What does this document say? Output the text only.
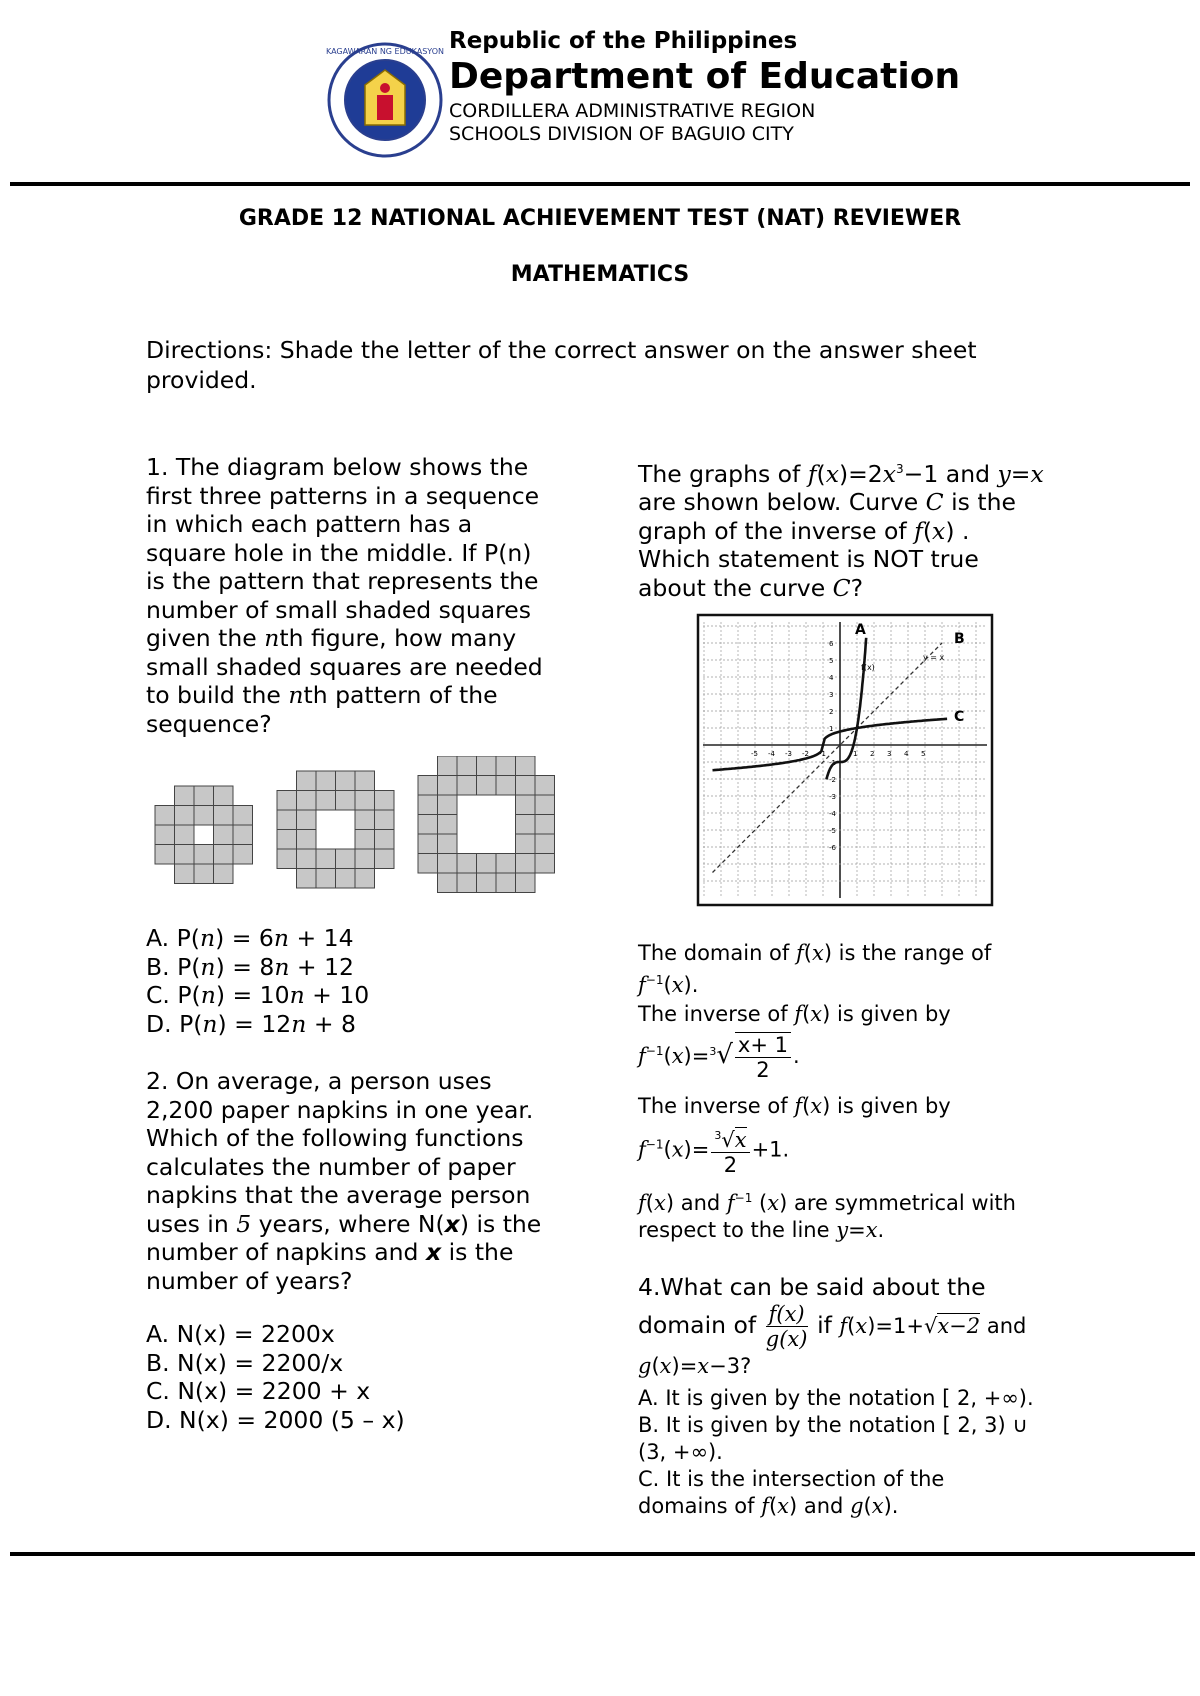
KAGAWARAN NG EDUKASYON Republic of the Philippines
Department of Education
CORDILLERA ADMINISTRATIVE REGION
SCHOOLS DIVISION OF BAGUIO CITY
GRADE 12 NATIONAL ACHIEVEMENT TEST (NAT) REVIEWER
MATHEMATICS
Directions: Shade the letter of the correct answer on the answer sheet provided.
1. The diagram below shows the
first three patterns in a sequence
in which each pattern has a
square hole in the middle. If P(n)
is the pattern that represents the
number of small shaded squares
given the nth figure, how many
small shaded squares are needed
to build the nth pattern of the
sequence?
A. P(n) = 6n + 14
B. P(n) = 8n + 12
C. P(n) = 10n + 10
D. P(n) = 12n + 8
2. On average, a person uses
2,200 paper napkins in one year.
Which of the following functions
calculates the number of paper
napkins that the average person
uses in 5 years, where N(x) is the
number of napkins and x is the
number of years?
A. N(x) = 2200x
B. N(x) = 2200/x
C. N(x) = 2200 + x
D. N(x) = 2000 (5 – x)
The graphs of $f(x)=2x^3-1$ and y=x
are shown below. Curve C is the
graph of the inverse of f(x) .
Which statement is NOT true
about the curve C?
-5 -4 -3 -2 -1	1 2 3 4 5
6
5
4
3
2
1
-1
-2
-3
-4
-5
-6
A
B
C
f(x)
y = x
The domain of f(x) is the range of
$f^{-1}(x)$.
The inverse of f(x) is given by
$f^{-1}(x)=^3√ \frac{x+ 1}{2}$ .
The inverse of f(x) is given by
$f^{-1}(x)= \frac{^3√x}{2} +1$.
f(x) and $f^{-1}$ (x) are symmetrical with
respect to the line y=x.
4.What can be said about the
domain of $\frac{f(x)}{g(x)}$ if f(x)=1+√x−2 and
g(x)=x−3?
A. It is given by the notation [ 2, +∞).
B. It is given by the notation [ 2, 3) ∪
(3, +∞).
C. It is the intersection of the
domains of f(x) and g(x).
